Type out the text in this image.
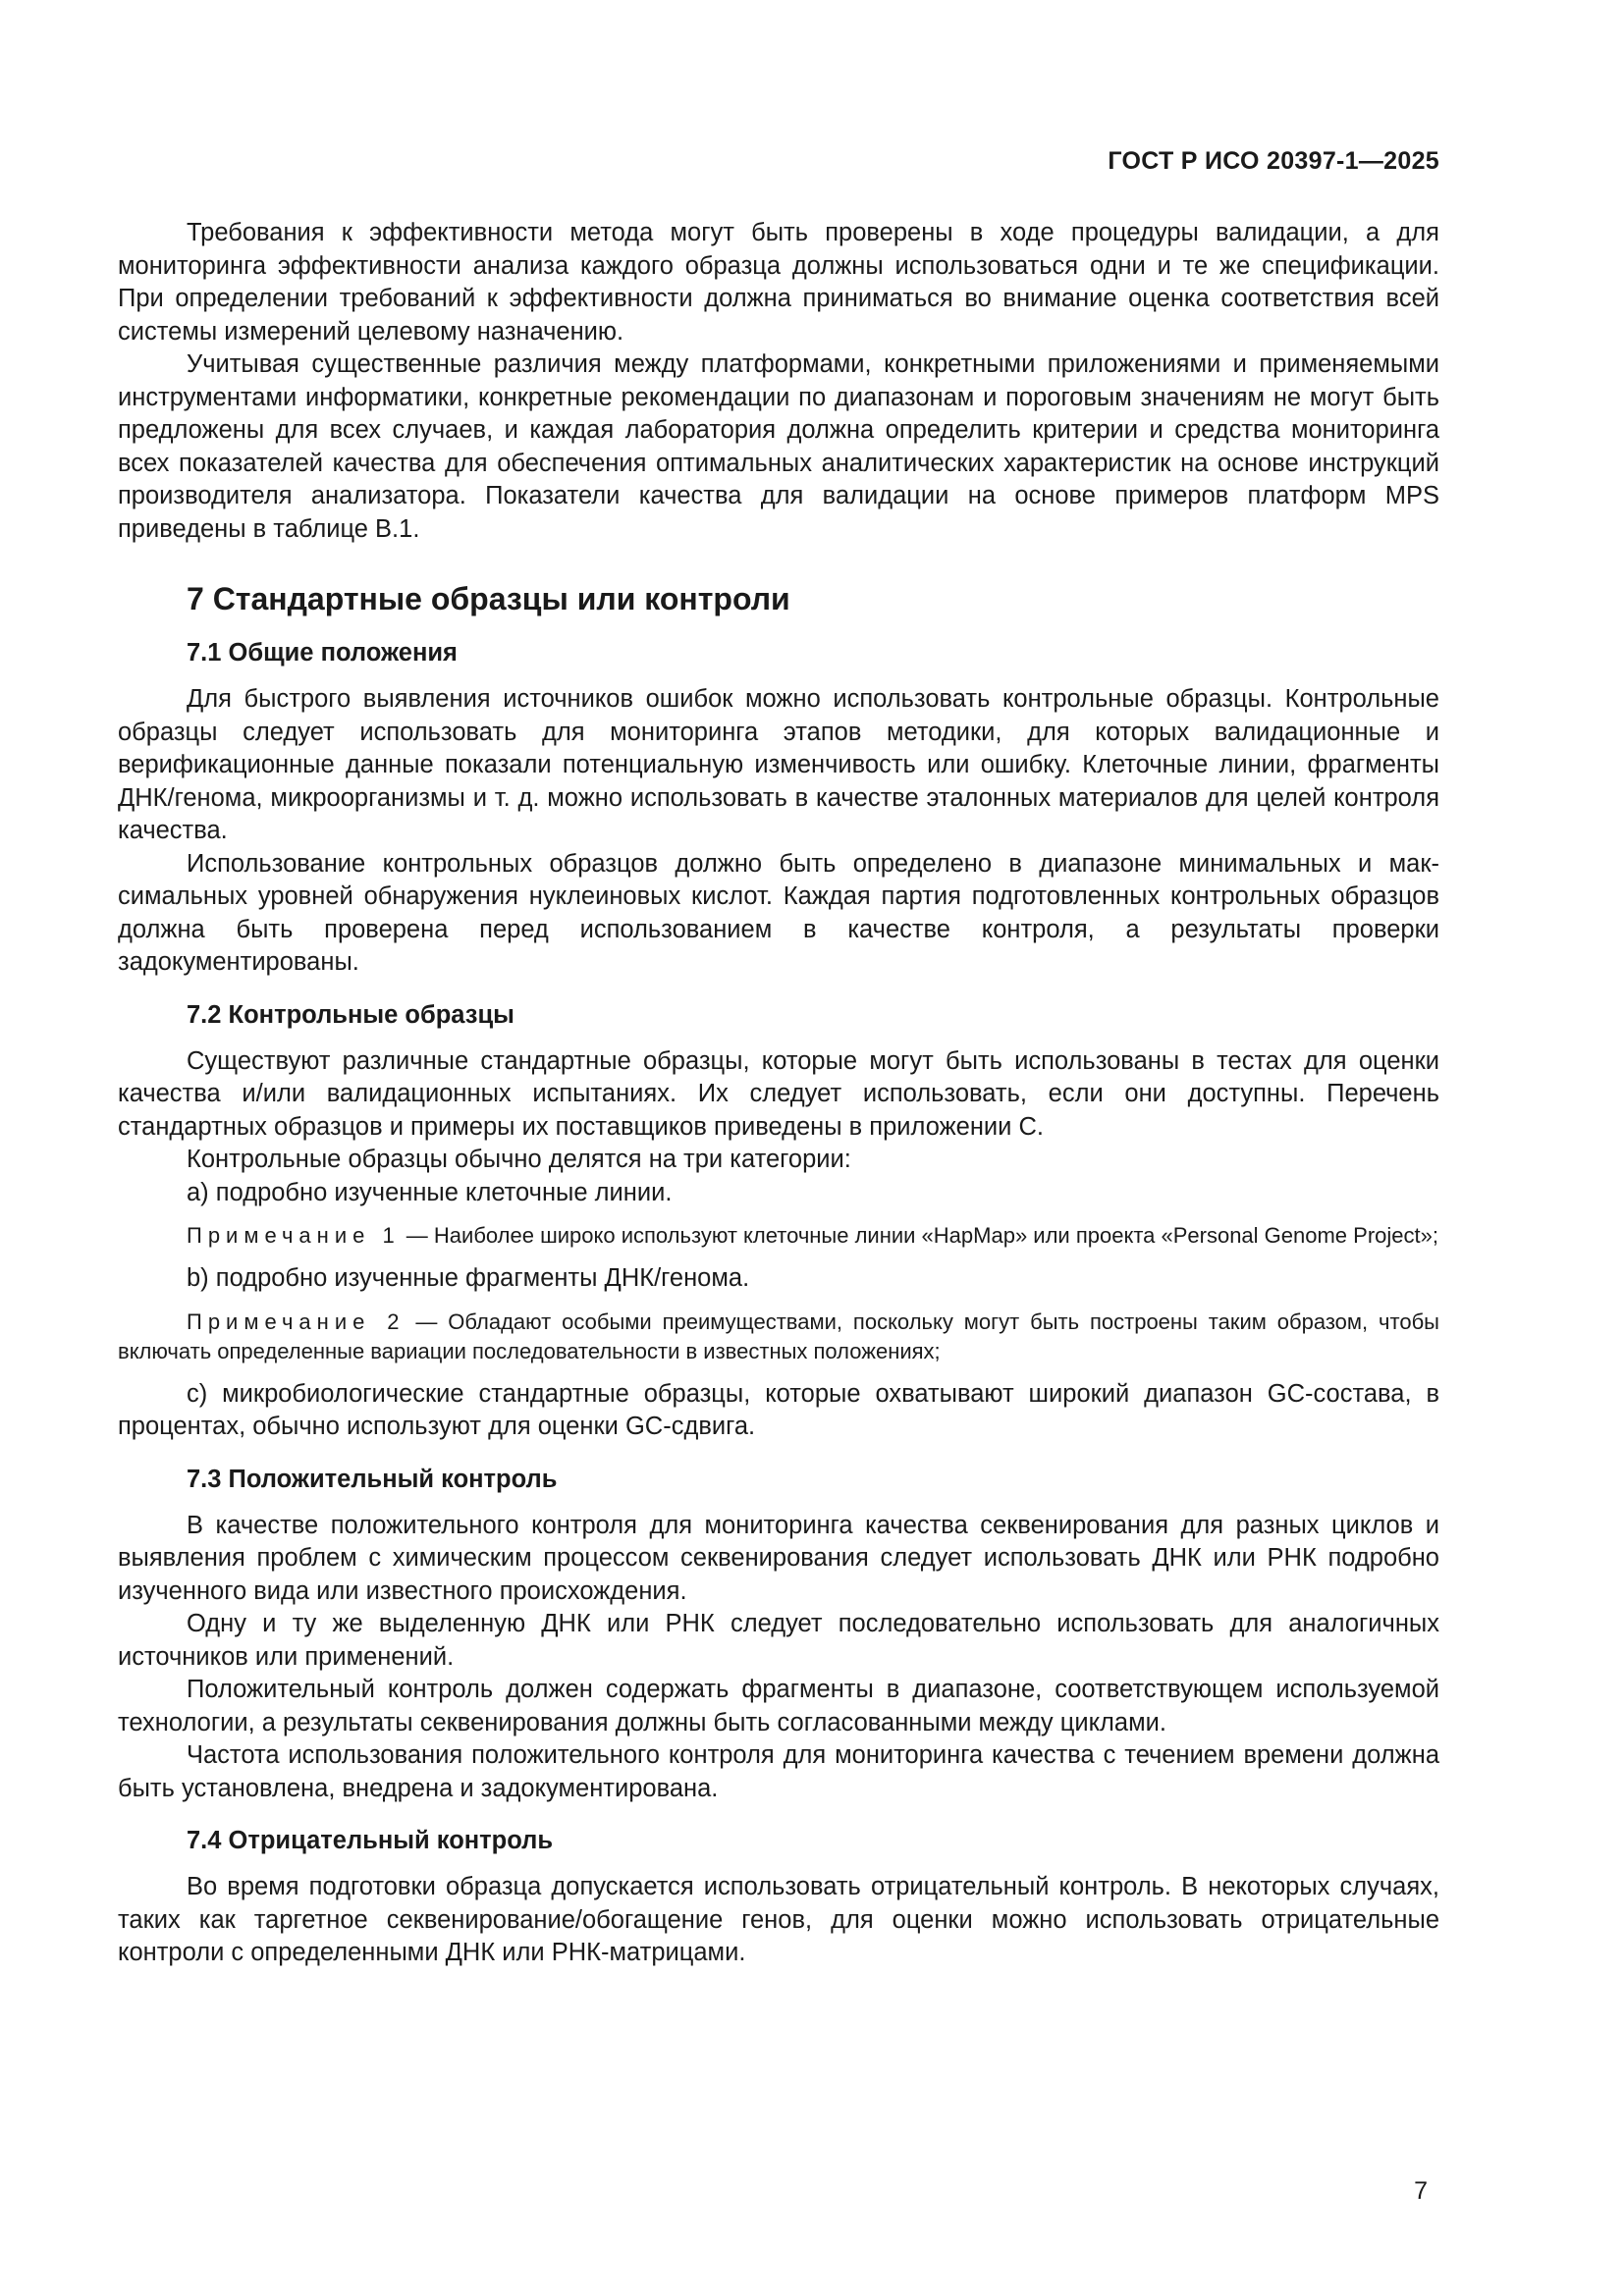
ГОСТ Р ИСО 20397-1—2025

Требования к эффективности метода могут быть проверены в ходе процедуры валидации, а для мониторинга эффективности анализа каждого образца должны использоваться одни и те же спецификации. При определении требований к эффективности должна приниматься во внимание оценка соответствия всей системы измерений целевому назначению.

Учитывая существенные различия между платформами, конкретными приложениями и применяемыми инструментами информатики, конкретные рекомендации по диапазонам и пороговым значениям не могут быть предложены для всех случаев, и каждая лаборатория должна определить критерии и средства мониторинга всех показателей качества для обеспечения оптимальных аналитических характеристик на основе инструкций производителя анализатора. Показатели качества для валидации на основе примеров платформ MPS приведены в таблице В.1.

7 Стандартные образцы или контроли
7.1 Общие положения

Для быстрого выявления источников ошибок можно использовать контрольные образцы. Контрольные образцы следует использовать для мониторинга этапов методики, для которых валидационные и верификационные данные показали потенциальную изменчивость или ошибку. Клеточные линии, фрагменты ДНК/генома, микроорганизмы и т. д. можно использовать в качестве эталонных материалов для целей контроля качества.

Использование контрольных образцов должно быть определено в диапазоне минимальных и максимальных уровней обнаружения нуклеиновых кислот. Каждая партия подготовленных контрольных образцов должна быть проверена перед использованием в качестве контроля, а результаты проверки задокументированы.

7.2 Контрольные образцы

Существуют различные стандартные образцы, которые могут быть использованы в тестах для оценки качества и/или валидационных испытаниях. Их следует использовать, если они доступны. Перечень стандартных образцов и примеры их поставщиков приведены в приложении С.

Контрольные образцы обычно делятся на три категории:

а) подробно изученные клеточные линии.
Примечание 1 — Наиболее широко используют клеточные линии «HapMap» или проекта «Personal Genome Project»;
b) подробно изученные фрагменты ДНК/генома.
Примечание 2 — Обладают особыми преимуществами, поскольку могут быть построены таким образом, чтобы включать определенные вариации последовательности в известных положениях;
с) микробиологические стандартные образцы, которые охватывают широкий диапазон GC-состава, в процентах, обычно используют для оценки GC-сдвига.
7.3 Положительный контроль

В качестве положительного контроля для мониторинга качества секвенирования для разных циклов и выявления проблем с химическим процессом секвенирования следует использовать ДНК или РНК подробно изученного вида или известного происхождения.

Одну и ту же выделенную ДНК или РНК следует последовательно использовать для аналогичных источников или применений.

Положительный контроль должен содержать фрагменты в диапазоне, соответствующем используемой технологии, а результаты секвенирования должны быть согласованными между циклами.

Частота использования положительного контроля для мониторинга качества с течением времени должна быть установлена, внедрена и задокументирована.

7.4 Отрицательный контроль

Во время подготовки образца допускается использовать отрицательный контроль. В некоторых случаях, таких как таргетное секвенирование/обогащение генов, для оценки можно использовать отрицательные контроли с определенными ДНК или РНК-матрицами.

7
